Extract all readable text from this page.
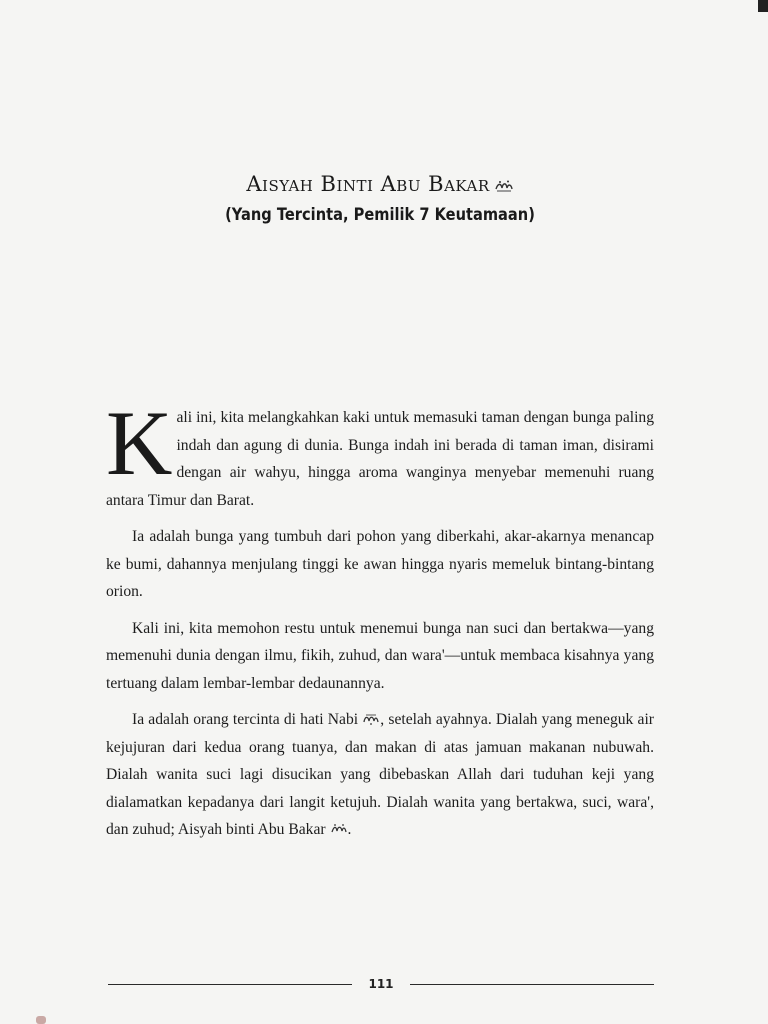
Aisyah Binti Abu Bakar
(Yang Tercinta, Pemilik 7 Keutamaan)

Kali ini, kita melangkahkan kaki untuk memasuki taman dengan bunga paling indah dan agung di dunia. Bunga indah ini berada di taman iman, disirami dengan air wahyu, hingga aroma wanginya menyebar memenuhi ruang antara Timur dan Barat.

Ia adalah bunga yang tumbuh dari pohon yang diberkahi, akar-akarnya menancap ke bumi, dahannya menjulang tinggi ke awan hingga nyaris memeluk bintang-bintang orion.

Kali ini, kita memohon restu untuk menemui bunga nan suci dan bertakwa—yang memenuhi dunia dengan ilmu, fikih, zuhud, dan wara'—untuk membaca kisahnya yang tertuang dalam lembar-lembar dedaunannya.

Ia adalah orang tercinta di hati Nabi , setelah ayahnya. Dialah yang meneguk air kejujuran dari kedua orang tuanya, dan makan di atas jamuan makanan nubuwah. Dialah wanita suci lagi disucikan yang dibebaskan Allah dari tuduhan keji yang dialamatkan kepadanya dari langit ketujuh. Dialah wanita yang bertakwa, suci, wara', dan zuhud; Aisyah binti Abu Bakar .

111
